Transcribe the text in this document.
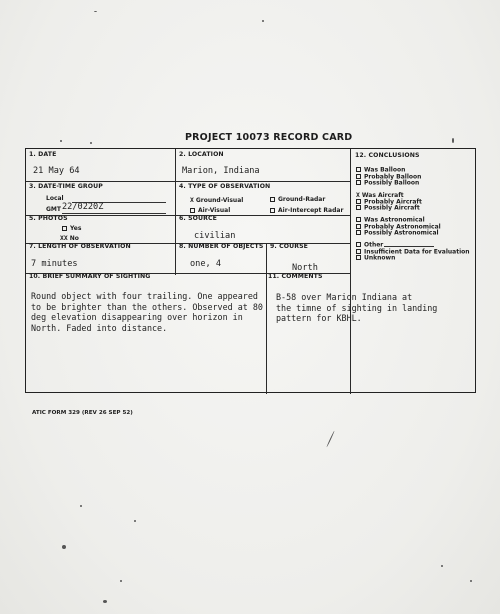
PROJECT 10073 RECORD CARD
1. DATE
21 May 64
2. LOCATION
Marion, Indiana
3. DATE-TIME GROUP
Local
GMT 22/0220Z
4. TYPE OF OBSERVATION
X Ground-Visual	Ground-Radar
Air-Visual	Air-Intercept Radar
5. PHOTOS
Yes
XX No
6. SOURCE
civilian
7. LENGTH OF OBSERVATION
7 minutes
8. NUMBER OF OBJECTS
one, 4
9. COURSE
North
10. BRIEF SUMMARY OF SIGHTING
Round object with four trailing. One appeared
to be brighter than the others. Observed at 80
deg elevation disappearing over horizon in
North. Faded into distance.
11. COMMENTS
B-58 over Marion Indiana at
the timne of sighting in landing
pattern for KBHL.
12. CONCLUSIONS
Was Balloon
Probably Balloon
Possibly Balloon
X Was Aircraft
Probably Aircraft
Possibly Aircraft
Was Astronomical
Probably Astronomical
Possibly Astronomical
Other
Insufficient Data for Evaluation
Unknown
ATIC FORM 329 (REV 26 SEP 52)
